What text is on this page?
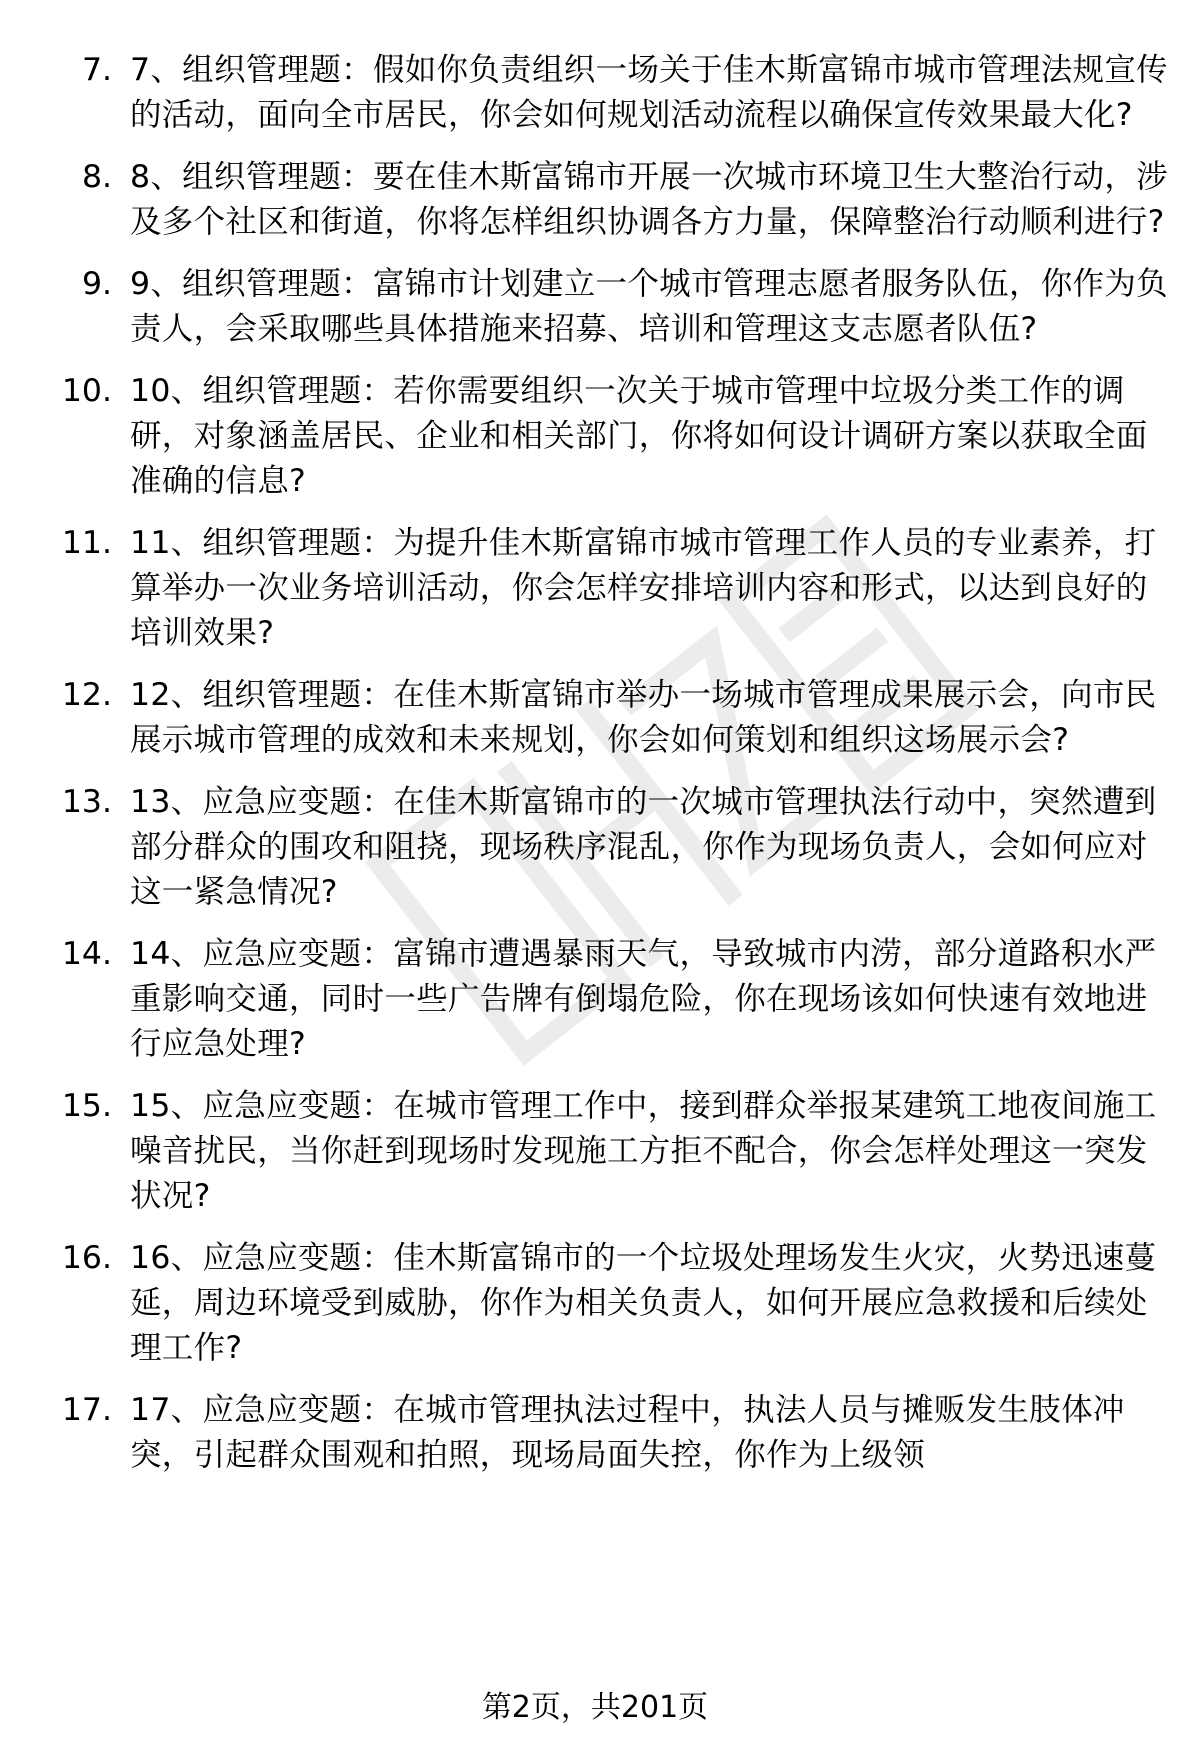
7. 7、组织管理题：假如你负责组织一场关于佳木斯富锦市城市管理法规宣传的活动，面向全市居民，你会如何规划活动流程以确保宣传效果最大化?
8. 8、组织管理题：要在佳木斯富锦市开展一次城市环境卫生大整治行动，涉及多个社区和街道，你将怎样组织协调各方力量，保障整治行动顺利进行?
9. 9、组织管理题：富锦市计划建立一个城市管理志愿者服务队伍，你作为负责人，会采取哪些具体措施来招募、培训和管理这支志愿者队伍?
10. 10、组织管理题：若你需要组织一次关于城市管理中垃圾分类工作的调研，对象涵盖居民、企业和相关部门，你将如何设计调研方案以获取全面准确的信息?
11. 11、组织管理题：为提升佳木斯富锦市城市管理工作人员的专业素养，打算举办一次业务培训活动，你会怎样安排培训内容和形式，以达到良好的培训效果?
12. 12、组织管理题：在佳木斯富锦市举办一场城市管理成果展示会，向市民展示城市管理的成效和未来规划，你会如何策划和组织这场展示会?
13. 13、应急应变题：在佳木斯富锦市的一次城市管理执法行动中，突然遭到部分群众的围攻和阻挠，现场秩序混乱，你作为现场负责人，会如何应对这一紧急情况?
14. 14、应急应变题：富锦市遭遇暴雨天气，导致城市内涝，部分道路积水严重影响交通，同时一些广告牌有倒塌危险，你在现场该如何快速有效地进行应急处理?
15. 15、应急应变题：在城市管理工作中，接到群众举报某建筑工地夜间施工噪音扰民，当你赶到现场时发现施工方拒不配合，你会怎样处理这一突发状况?
16. 16、应急应变题：佳木斯富锦市的一个垃圾处理场发生火灾，火势迅速蔓延，周边环境受到威胁，你作为相关负责人，如何开展应急救援和后续处理工作?
17. 17、应急应变题：在城市管理执法过程中，执法人员与摊贩发生肢体冲突，引起群众围观和拍照，现场局面失控，你作为上级领
第2页，共201页
